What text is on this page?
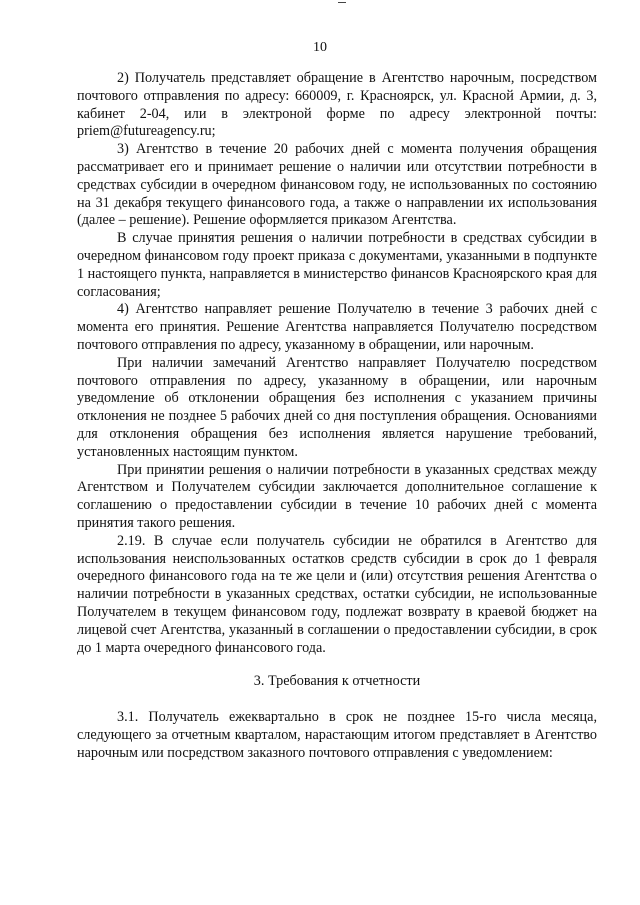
10

2) Получатель представляет обращение в Агентство нарочным, посредством почтового отправления по адресу: 660009, г. Красноярск, ул. Красной Армии, д. 3, кабинет 2-04, или в электроной форме по адресу электронной почты: priem@futureagency.ru;

3) Агентство в течение 20 рабочих дней с момента получения обращения рассматривает его и принимает решение о наличии или отсутствии потребности в средствах субсидии в очередном финансовом году, не использованных по состоянию на 31 декабря текущего финансового года, а также о направлении их использования (далее – решение). Решение оформляется приказом Агентства.

В случае принятия решения о наличии потребности в средствах субсидии в очередном финансовом году проект приказа с документами, указанными в подпункте 1 настоящего пункта, направляется в министерство финансов Красноярского края для согласования;

4) Агентство направляет решение Получателю в течение 3 рабочих дней с момента его принятия. Решение Агентства направляется Получателю посредством почтового отправления по адресу, указанному в обращении, или нарочным.

При наличии замечаний Агентство направляет Получателю посредством почтового отправления по адресу, указанному в обращении, или нарочным уведомление об отклонении обращения без исполнения с указанием причины отклонения не позднее 5 рабочих дней со дня поступления обращения. Основаниями для отклонения обращения без исполнения является нарушение требований, установленных настоящим пунктом.

При принятии решения о наличии потребности в указанных средствах между Агентством и Получателем субсидии заключается дополнительное соглашение к соглашению о предоставлении субсидии в течение 10 рабочих дней с момента принятия такого решения.

2.19. В случае если получатель субсидии не обратился в Агентство для использования неиспользованных остатков средств субсидии в срок до 1 февраля очередного финансового года на те же цели и (или) отсутствия решения Агентства о наличии потребности в указанных средствах, остатки субсидии, не использованные Получателем в текущем финансовом году, подлежат возврату в краевой бюджет на лицевой счет Агентства, указанный в соглашении о предоставлении субсидии, в срок до 1 марта очередного финансового года.

3. Требования к отчетности

3.1. Получатель ежеквартально в срок не позднее 15-го числа месяца, следующего за отчетным кварталом, нарастающим итогом представляет в Агентство нарочным или посредством заказного почтового отправления с уведомлением:
